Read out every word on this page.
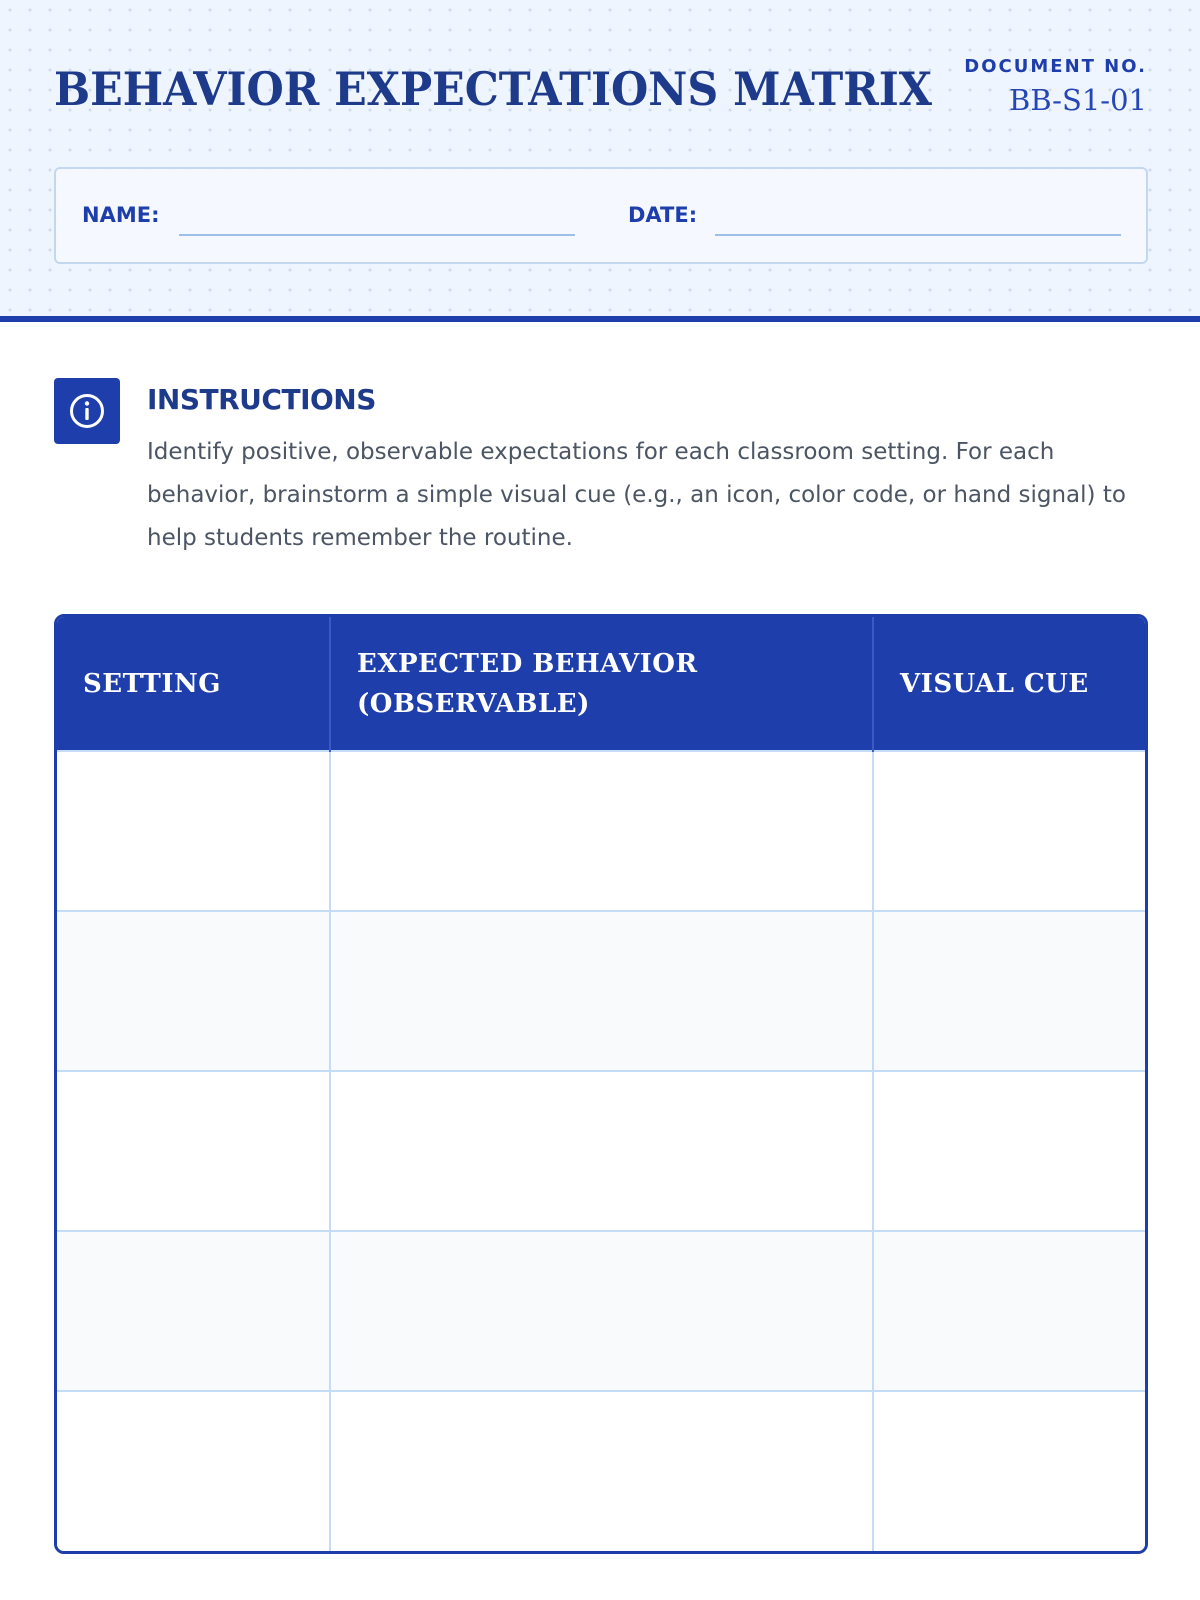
BEHAVIOR EXPECTATIONS MATRIX DOCUMENT NO.
BB-S1-01
NAME:	DATE:
INSTRUCTIONS
Identify positive, observable expectations for each classroom setting. For each behavior, brainstorm a simple visual cue (e.g., an icon, color code, or hand signal) to help students remember the routine.
SETTING	EXPECTED BEHAVIOR (OBSERVABLE)	VISUAL CUE
